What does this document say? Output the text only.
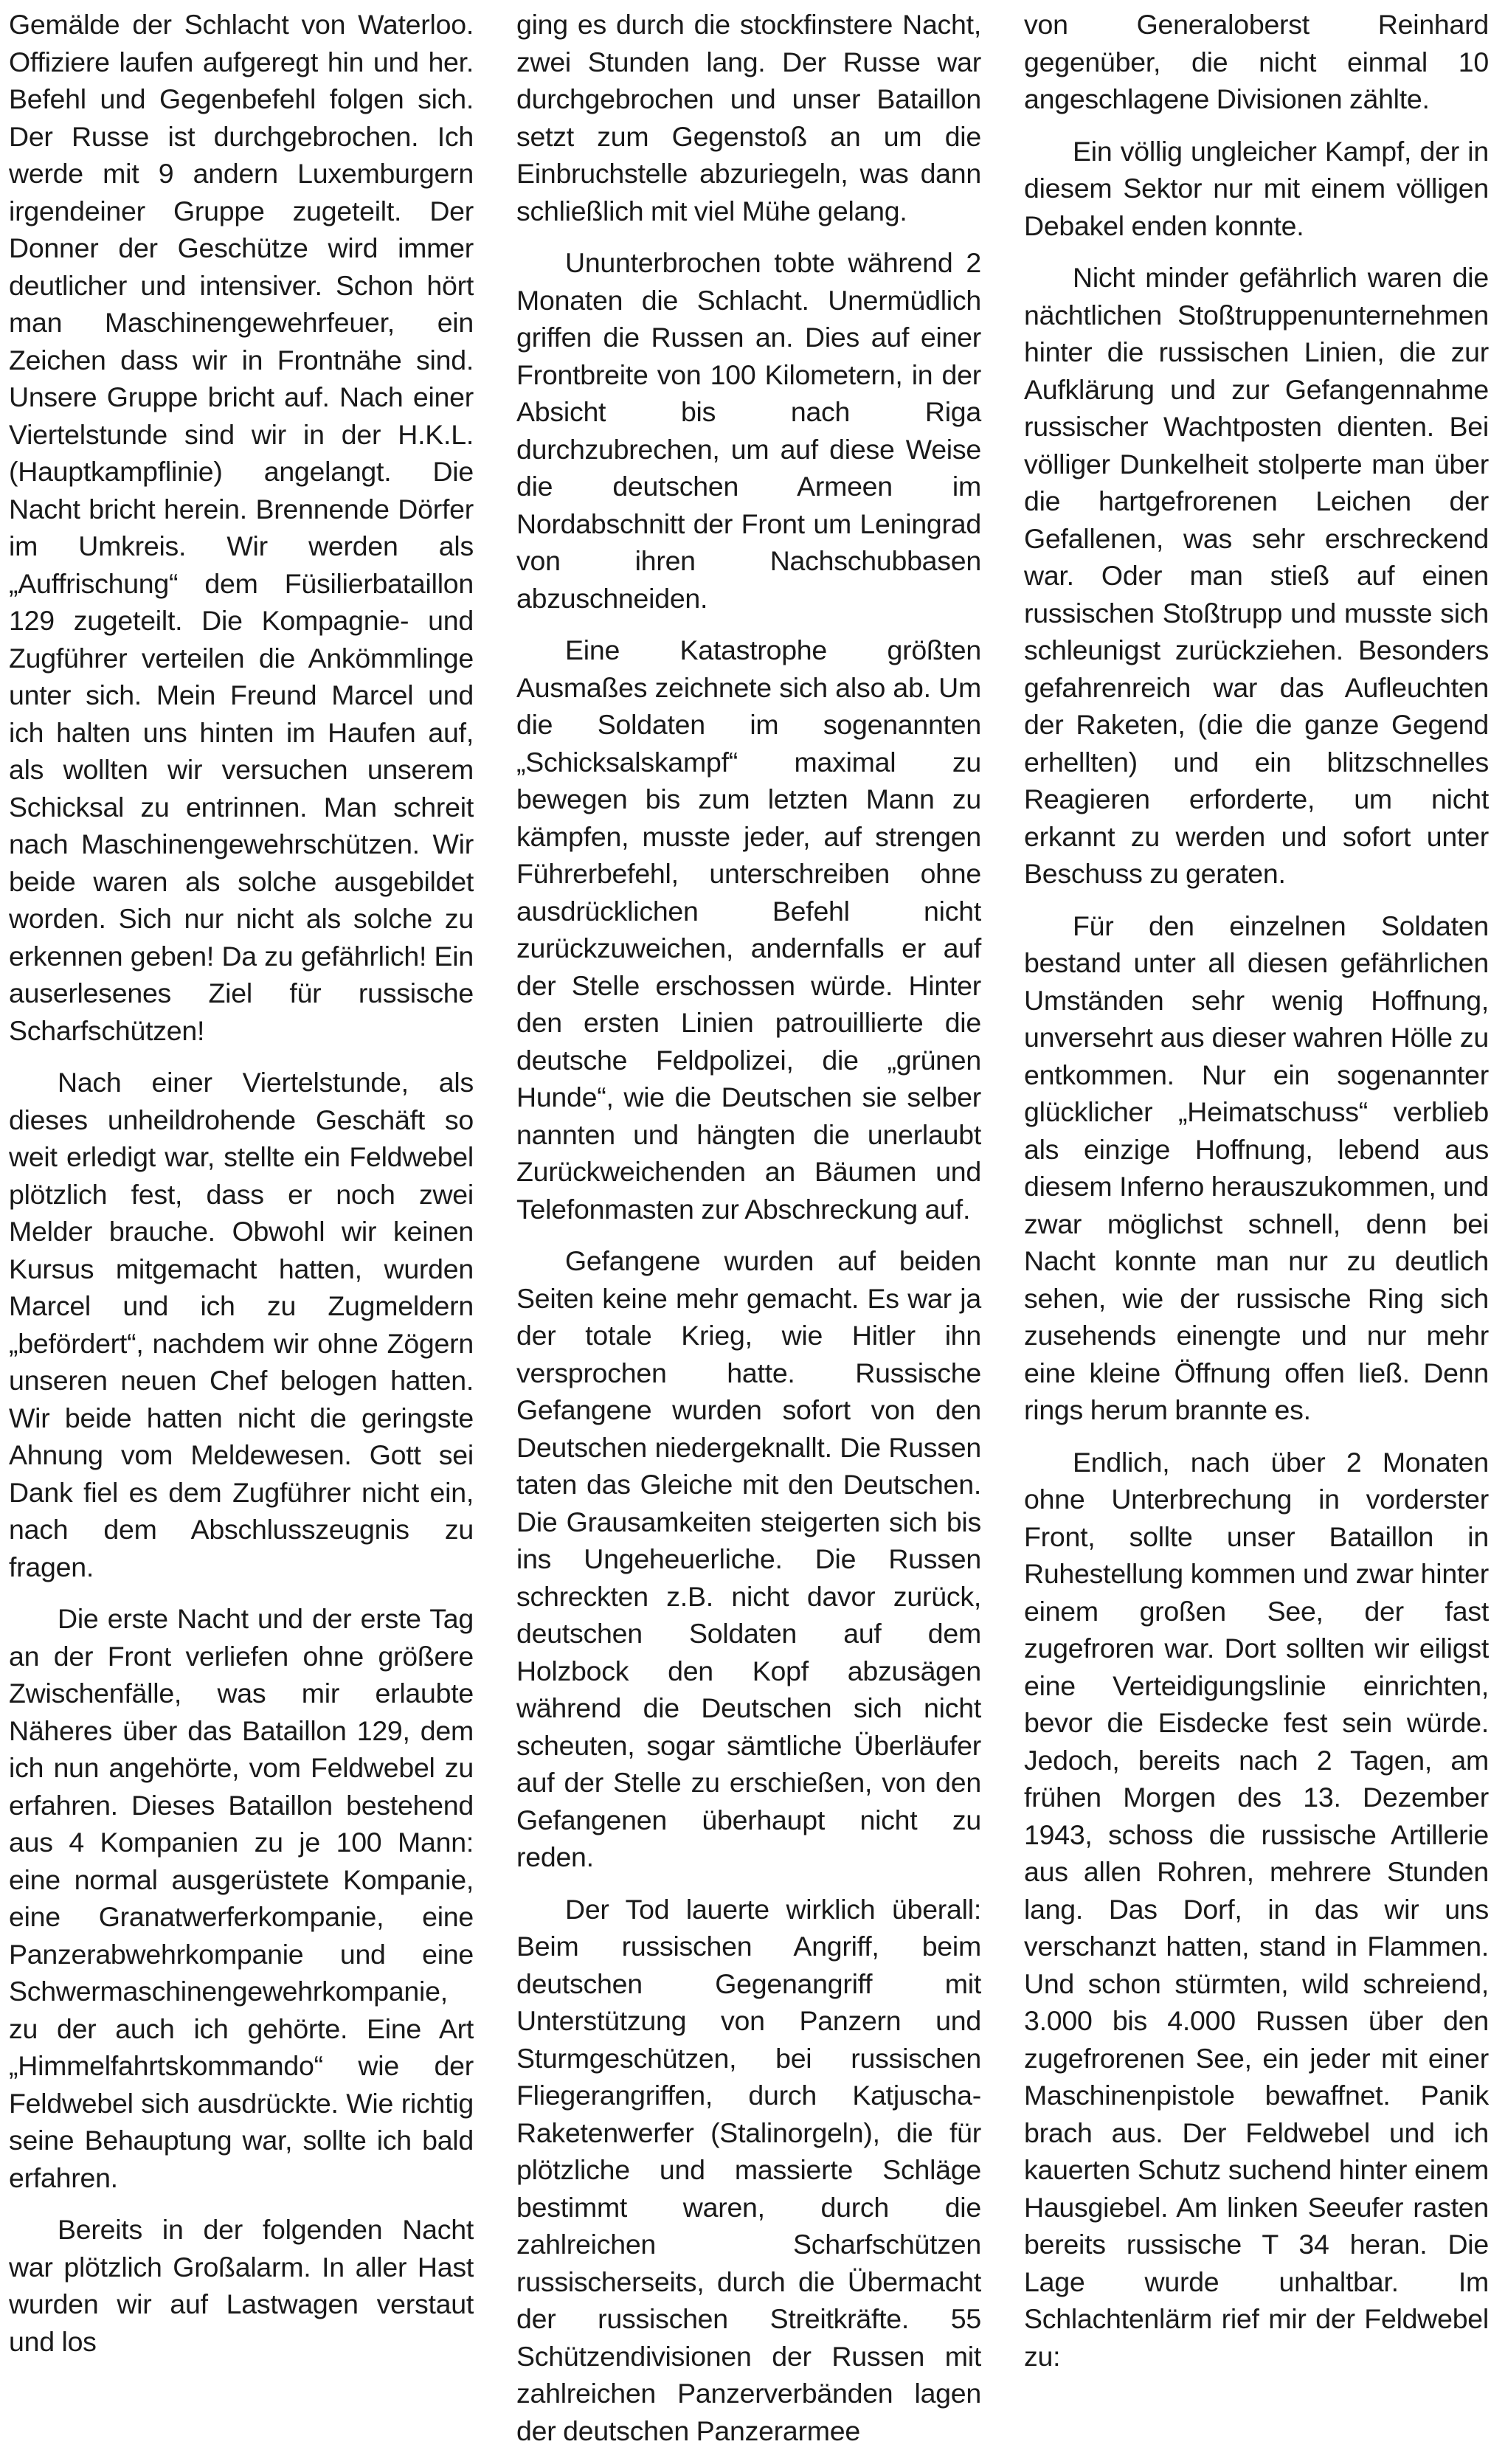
Gemälde der Schlacht von Waterloo. Offiziere laufen aufgeregt hin und her. Befehl und Gegenbefehl folgen sich. Der Russe ist durchgebrochen. Ich werde mit 9 andern Luxemburgern irgendeiner Gruppe zugeteilt. Der Donner der Geschütze wird immer deutlicher und intensiver. Schon hört man Maschinengewehrfeuer, ein Zeichen dass wir in Frontnähe sind. Unsere Gruppe bricht auf. Nach einer Viertelstunde sind wir in der H.K.L. (Hauptkampflinie) angelangt. Die Nacht bricht herein. Brennende Dörfer im Umkreis. Wir werden als „Auffrischung“ dem Füsilierbataillon 129 zugeteilt. Die Kompagnie- und Zugführer verteilen die Ankömmlinge unter sich. Mein Freund Marcel und ich halten uns hinten im Haufen auf, als wollten wir versuchen unserem Schicksal zu entrinnen. Man schreit nach Maschinengewehrschützen. Wir beide waren als solche ausgebildet worden. Sich nur nicht als solche zu erkennen geben! Da zu gefährlich! Ein auserlesenes Ziel für russische Scharfschützen!

Nach einer Viertelstunde, als dieses unheildrohende Geschäft so weit erledigt war, stellte ein Feldwebel plötzlich fest, dass er noch zwei Melder brauche. Obwohl wir keinen Kursus mitgemacht hatten, wurden Marcel und ich zu Zugmeldern „befördert“, nachdem wir ohne Zögern unseren neuen Chef belogen hatten. Wir beide hatten nicht die geringste Ahnung vom Meldewesen. Gott sei Dank fiel es dem Zugführer nicht ein, nach dem Abschlusszeugnis zu fragen.

Die erste Nacht und der erste Tag an der Front verliefen ohne größere Zwischenfälle, was mir erlaubte Näheres über das Bataillon 129, dem ich nun angehörte, vom Feldwebel zu erfahren. Dieses Bataillon bestehend aus 4 Kompanien zu je 100 Mann: eine normal ausgerüstete Kompanie, eine Granatwerferkompanie, eine Panzerabwehrkompanie und eine Schwermaschinengewehrkompanie, zu der auch ich gehörte. Eine Art „Himmelfahrtskommando“ wie der Feldwebel sich ausdrückte. Wie richtig seine Behauptung war, sollte ich bald erfahren.

Bereits in der folgenden Nacht war plötzlich Großalarm. In aller Hast wurden wir auf Lastwagen verstaut und los

ging es durch die stockfinstere Nacht, zwei Stunden lang. Der Russe war durchgebrochen und unser Bataillon setzt zum Gegenstoß an um die Einbruchstelle abzuriegeln, was dann schließlich mit viel Mühe gelang.

Ununterbrochen tobte während 2 Monaten die Schlacht. Unermüdlich griffen die Russen an. Dies auf einer Frontbreite von 100 Kilometern, in der Absicht bis nach Riga durchzubrechen, um auf diese Weise die deutschen Armeen im Nordabschnitt der Front um Leningrad von ihren Nachschubbasen abzuschneiden.

Eine Katastrophe größten Ausmaßes zeichnete sich also ab. Um die Soldaten im sogenannten „Schicksalskampf“ maximal zu bewegen bis zum letzten Mann zu kämpfen, musste jeder, auf strengen Führerbefehl, unterschreiben ohne ausdrücklichen Befehl nicht zurückzuweichen, andernfalls er auf der Stelle erschossen würde. Hinter den ersten Linien patrouillierte die deutsche Feldpolizei, die „grünen Hunde“, wie die Deutschen sie selber nannten und hängten die unerlaubt Zurückweichenden an Bäumen und Telefonmasten zur Abschreckung auf.

Gefangene wurden auf beiden Seiten keine mehr gemacht. Es war ja der totale Krieg, wie Hitler ihn versprochen hatte. Russische Gefangene wurden sofort von den Deutschen niedergeknallt. Die Russen taten das Gleiche mit den Deutschen. Die Grausamkeiten steigerten sich bis ins Ungeheuerliche. Die Russen schreckten z.B. nicht davor zurück, deutschen Soldaten auf dem Holzbock den Kopf abzusägen während die Deutschen sich nicht scheuten, sogar sämtliche Überläufer auf der Stelle zu erschießen, von den Gefangenen überhaupt nicht zu reden.

Der Tod lauerte wirklich überall: Beim russischen Angriff, beim deutschen Gegenangriff mit Unterstützung von Panzern und Sturmgeschützen, bei russischen Fliegerangriffen, durch Katjuscha-Raketenwerfer (Stalinorgeln), die für plötzliche und massierte Schläge bestimmt waren, durch die zahlreichen Scharfschützen russischerseits, durch die Übermacht der russischen Streitkräfte. 55 Schützendivisionen der Russen mit zahlreichen Panzerverbänden lagen der deutschen Panzerarmee

von Generaloberst Reinhard gegenüber, die nicht einmal 10 angeschlagene Divisionen zählte.

Ein völlig ungleicher Kampf, der in diesem Sektor nur mit einem völligen Debakel enden konnte.

Nicht minder gefährlich waren die nächtlichen Stoßtruppenunternehmen hinter die russischen Linien, die zur Aufklärung und zur Gefangennahme russischer Wachtposten dienten. Bei völliger Dunkelheit stolperte man über die hartgefrorenen Leichen der Gefallenen, was sehr erschreckend war. Oder man stieß auf einen russischen Stoßtrupp und musste sich schleunigst zurückziehen. Besonders gefahrenreich war das Aufleuchten der Raketen, (die die ganze Gegend erhellten) und ein blitzschnelles Reagieren erforderte, um nicht erkannt zu werden und sofort unter Beschuss zu geraten.

Für den einzelnen Soldaten bestand unter all diesen gefährlichen Umständen sehr wenig Hoffnung, unversehrt aus dieser wahren Hölle zu entkommen. Nur ein sogenannter glücklicher „Heimatschuss“ verblieb als einzige Hoffnung, lebend aus diesem Inferno herauszukommen, und zwar möglichst schnell, denn bei Nacht konnte man nur zu deutlich sehen, wie der russische Ring sich zusehends einengte und nur mehr eine kleine Öffnung offen ließ. Denn rings herum brannte es.

Endlich, nach über 2 Monaten ohne Unterbrechung in vorderster Front, sollte unser Bataillon in Ruhestellung kommen und zwar hinter einem großen See, der fast zugefroren war. Dort sollten wir eiligst eine Verteidigungslinie einrichten, bevor die Eisdecke fest sein würde. Jedoch, bereits nach 2 Tagen, am frühen Morgen des 13. Dezember 1943, schoss die russische Artillerie aus allen Rohren, mehrere Stunden lang. Das Dorf, in das wir uns verschanzt hatten, stand in Flammen. Und schon stürmten, wild schreiend, 3.000 bis 4.000 Russen über den zugefrorenen See, ein jeder mit einer Maschinenpistole bewaffnet. Panik brach aus. Der Feldwebel und ich kauerten Schutz suchend hinter einem Hausgiebel. Am linken Seeufer rasten bereits russische T 34 heran. Die Lage wurde unhaltbar. Im Schlachtenlärm rief mir der Feldwebel zu:
